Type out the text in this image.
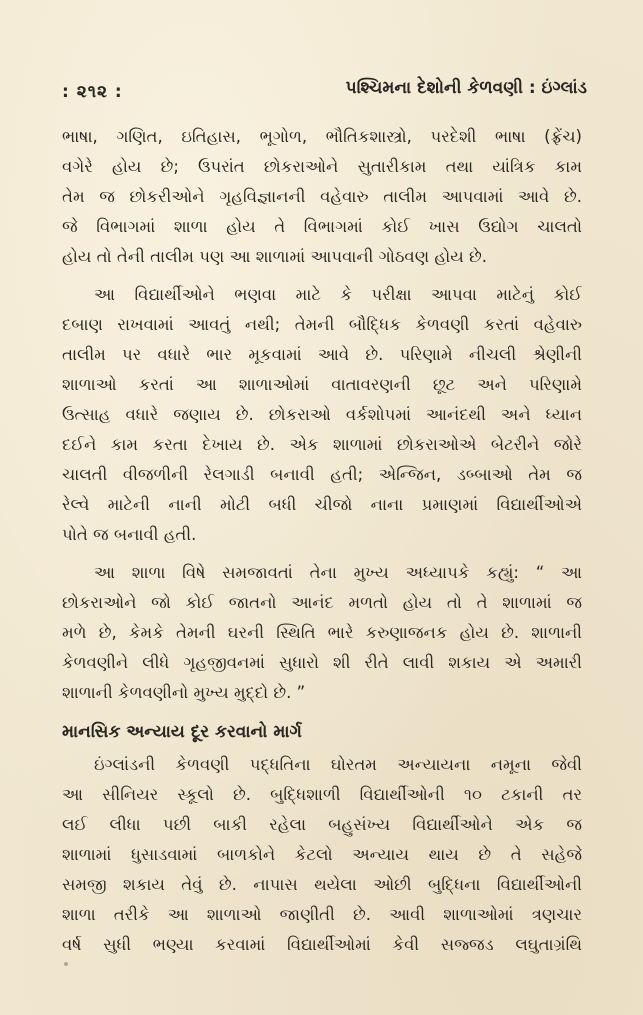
: ૨૧૨ :	પશ્ચિમના દેશોની કેળવણી : ઇંગ્લાંડ
ભાષા, ગણિત, ઇતિહાસ, ભૂગોળ, ભૌતિકશાસ્ત્રો, પરદેશી ભાષા (ફ્રેંચ)
વગેરે હોય છે; ઉપરાંત છોકરાઓને સુતારીકામ તથા યાંત્રિક કામ
તેમ જ છોકરીઓને ગૃહવિજ્ઞાનની વહેવારુ તાલીમ આપવામાં આવે છે.
જે વિભાગમાં શાળા હોય તે વિભાગમાં કોઈ ખાસ ઉદ્યોગ ચાલતો
હોય તો તેની તાલીમ પણ આ શાળામાં આપવાની ગોઠવણ હોય છે.
આ વિદ્યાર્થીઓને ભણવા માટે કે પરીક્ષા આપવા માટેનું કોઈ
દબાણ રાખવામાં આવતું નથી; તેમની બૌદ્ધિક કેળવણી કરતાં વહેવારુ
તાલીમ પર વધારે ભાર મૂકવામાં આવે છે. પરિણામે નીચલી શ્રેણીની
શાળાઓ કરતાં આ શાળાઓમાં વાતાવરણની છૂટ અને પરિણામે
ઉત્સાહ વધારે જણાય છે. છોકરાઓ વર્કશોપમાં આનંદથી અને ધ્યાન
દઈને કામ કરતા દેખાય છે. એક શાળામાં છોકરાઓએ બેટરીને જોરે
ચાલતી વીજળીની રેલગાડી બનાવી હતી; એન્જિન, ડબ્બાઓ તેમ જ
રેલ્વે માટેની નાની મોટી બધી ચીજો નાના પ્રમાણમાં વિદ્યાર્થીઓએ
પોતે જ બનાવી હતી.
આ શાળા વિષે સમજાવતાં તેના મુખ્ય અધ્યાપકે કહ્યું: “ આ
છોકરાઓને જો કોઈ જાતનો આનંદ મળતો હોય તો તે શાળામાં જ
મળે છે, કેમકે તેમની ઘરની સ્થિતિ ભારે કરુણાજનક હોય છે. શાળાની
કેળવણીને લીધે ગૃહજીવનમાં સુધારો શી રીતે લાવી શકાય એ અમારી
શાળાની કેળવણીનો મુખ્ય મુદ્દો છે. ”
માનસિક અન્યાય દૂર કરવાનો માર્ગ
ઇંગ્લાંડની કેળવણી પદ્ધતિના ઘોરતમ અન્યાયના નમૂના જેવી
આ સીનિયર સ્કૂલો છે. બુદ્ધિશાળી વિદ્યાર્થીઓની ૧૦ ટકાની તર
લઈ લીધા પછી બાકી રહેલા બહુસંખ્ય વિદ્યાર્થીઓને એક જ
શાળામાં ધુસાડવામાં બાળકોને કેટલો અન્યાય થાય છે તે સહેજે
સમજી શકાય તેવું છે. નાપાસ થયેલા ઓછી બુદ્ધિના વિદ્યાર્થીઓની
શાળા તરીકે આ શાળાઓ જાણીતી છે. આવી શાળાઓમાં ત્રણચાર
વર્ષ સુધી ભણ્યા કરવામાં વિદ્યાર્થીઓમાં કેવી સજ્જડ લઘુતાગ્રંથિ
